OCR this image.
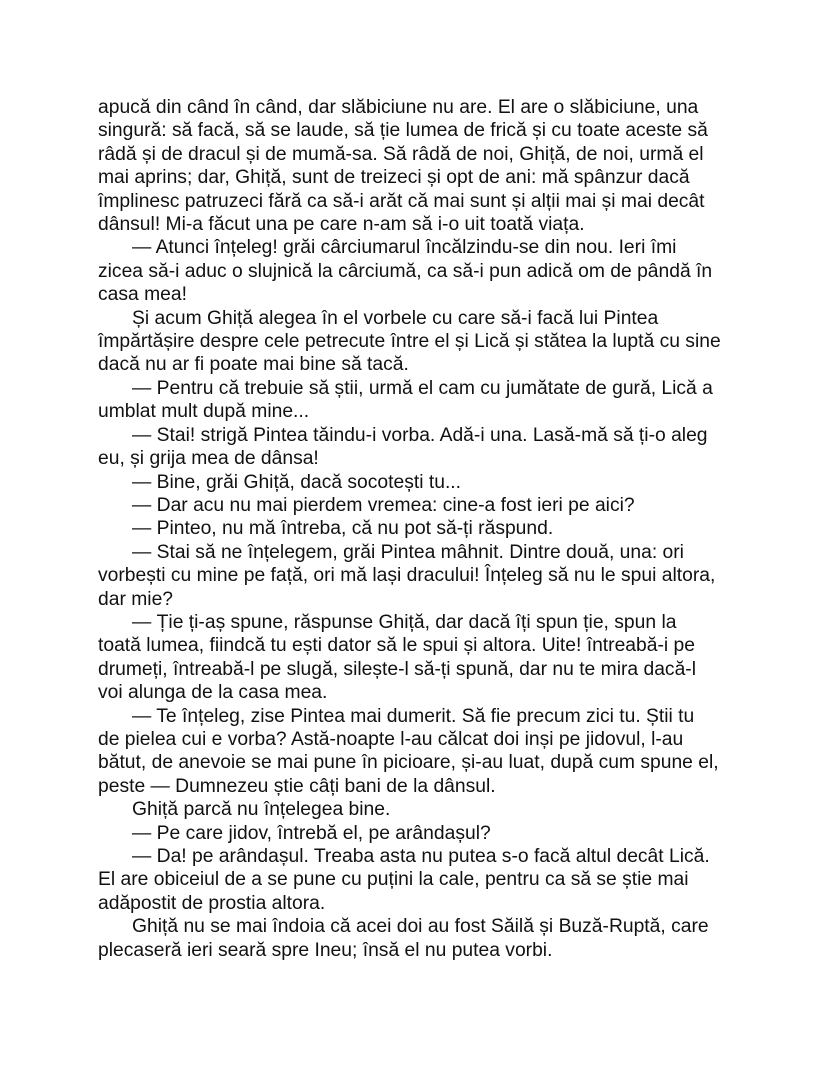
apucă din când în când, dar slăbiciune nu are. El are o slăbiciune, una
singură: să facă, să se laude, să ție lumea de frică și cu toate aceste să
râdă și de dracul și de mumă-sa. Să râdă de noi, Ghiță, de noi, urmă el
mai aprins; dar, Ghiță, sunt de treizeci și opt de ani: mă spânzur dacă
împlinesc patruzeci fără ca să-i arăt că mai sunt și alții mai și mai decât
dânsul! Mi-a făcut una pe care n-am să i-o uit toată viața.
— Atunci înțeleg! grăi cârciumarul încălzindu-se din nou. Ieri îmi
zicea să-i aduc o slujnică la cârciumă, ca să-i pun adică om de pândă în
casa mea!
Și acum Ghiță alegea în el vorbele cu care să-i facă lui Pintea
împărtășire despre cele petrecute între el și Lică și stătea la luptă cu sine
dacă nu ar fi poate mai bine să tacă.
— Pentru că trebuie să știi, urmă el cam cu jumătate de gură, Lică a
umblat mult după mine...
— Stai! strigă Pintea tăindu-i vorba. Adă-i una. Lasă-mă să ți-o aleg
eu, și grija mea de dânsa!
— Bine, grăi Ghiță, dacă socotești tu...
— Dar acu nu mai pierdem vremea: cine-a fost ieri pe aici?
— Pinteo, nu mă întreba, că nu pot să-ți răspund.
— Stai să ne înțelegem, grăi Pintea mâhnit. Dintre două, una: ori
vorbești cu mine pe față, ori mă lași dracului! Înțeleg să nu le spui altora,
dar mie?
— Ție ți-aș spune, răspunse Ghiță, dar dacă îți spun ție, spun la
toată lumea, fiindcă tu ești dator să le spui și altora. Uite! întreabă-i pe
drumeți, întreabă-l pe slugă, silește-l să-ți spună, dar nu te mira dacă-l
voi alunga de la casa mea.
— Te înțeleg, zise Pintea mai dumerit. Să fie precum zici tu. Știi tu
de pielea cui e vorba? Astă-noapte l-au călcat doi inși pe jidovul, l-au
bătut, de anevoie se mai pune în picioare, și-au luat, după cum spune el,
peste — Dumnezeu știe câți bani de la dânsul.
Ghiță parcă nu înțelegea bine.
— Pe care jidov, întrebă el, pe arândașul?
— Da! pe arândașul. Treaba asta nu putea s-o facă altul decât Lică.
El are obiceiul de a se pune cu puțini la cale, pentru ca să se știe mai
adăpostit de prostia altora.
Ghiță nu se mai îndoia că acei doi au fost Săilă și Buză-Ruptă, care
plecaseră ieri seară spre Ineu; însă el nu putea vorbi.
